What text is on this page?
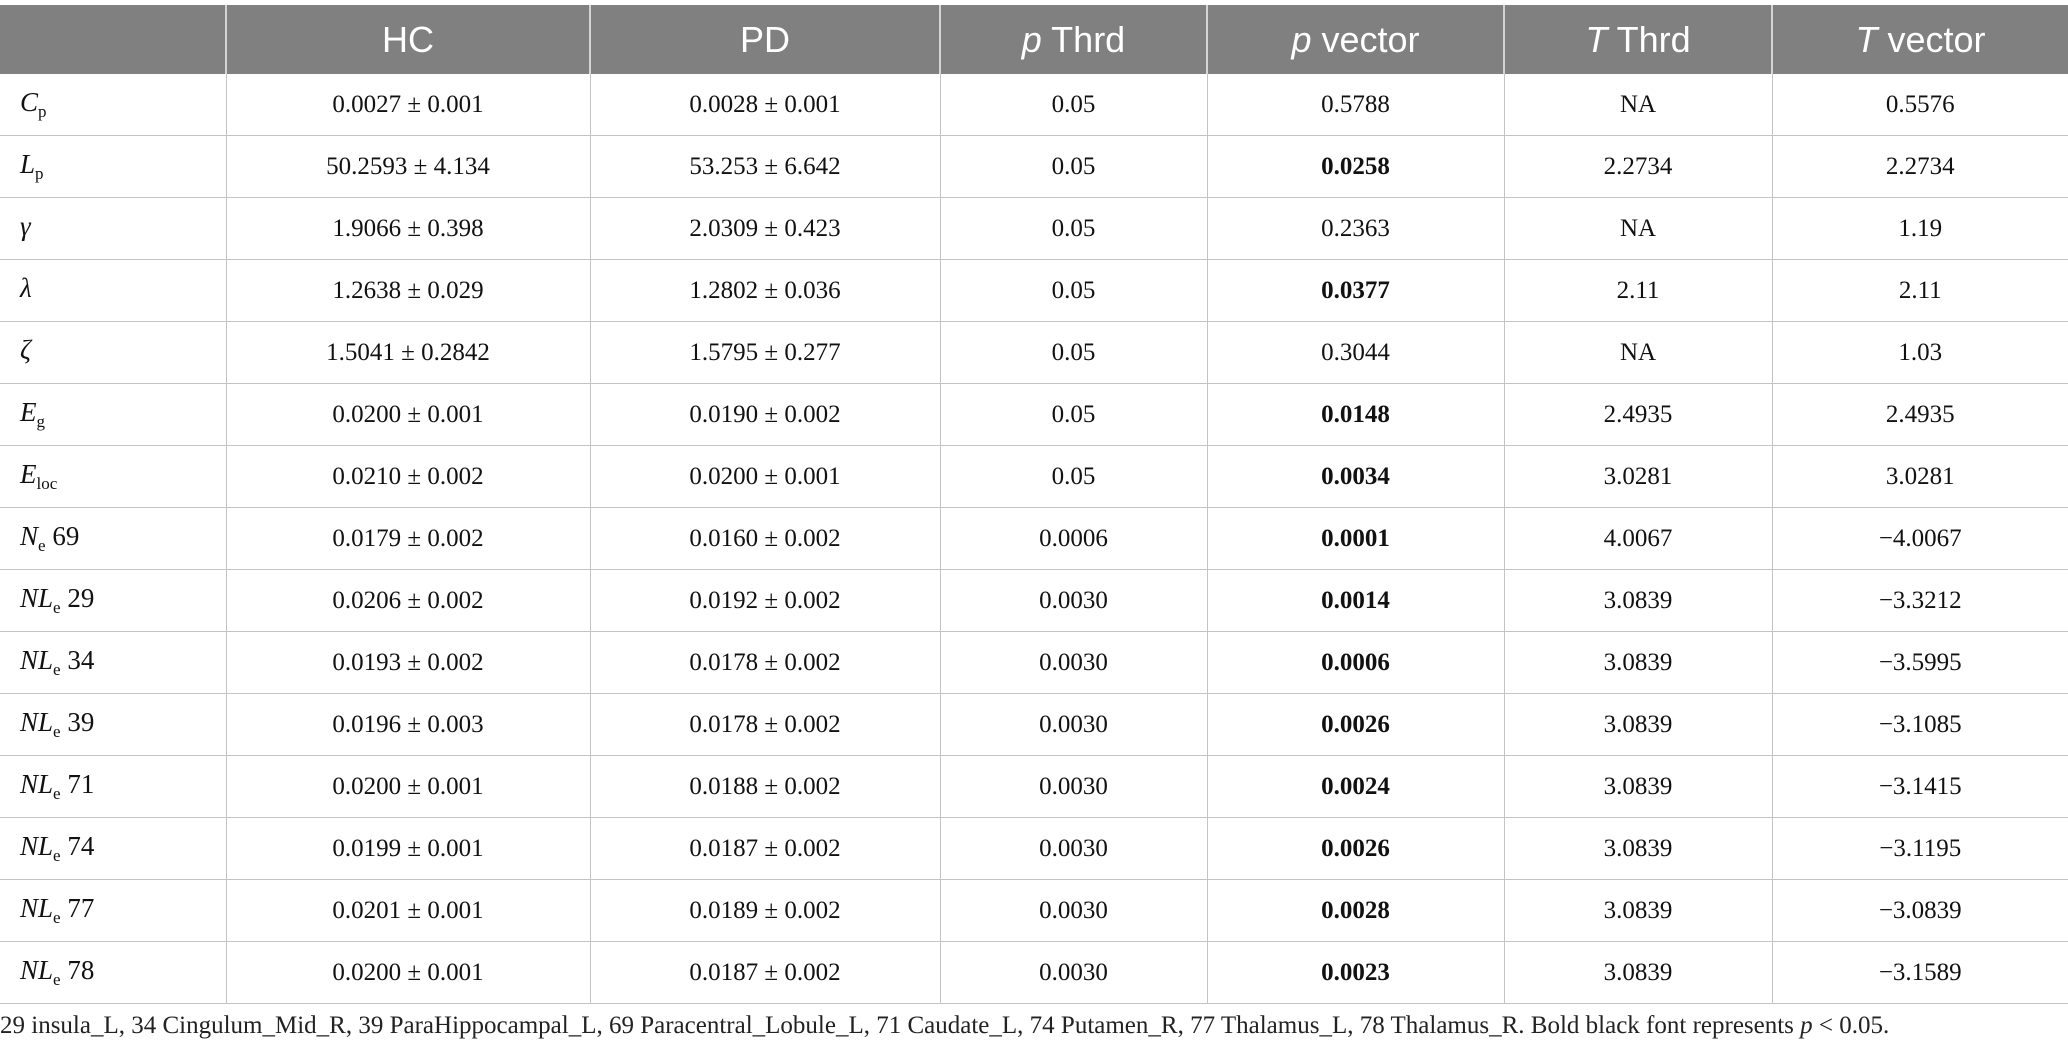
	HC	PD	p Thrd	p vector	T Thrd	T vector
$C_p$	0.0027 ± 0.001	0.0028 ± 0.001	0.05	0.5788	NA	0.5576
$L_p$	50.2593 ± 4.134	53.253 ± 6.642	0.05	0.0258	2.2734	2.2734
γ	1.9066 ± 0.398	2.0309 ± 0.423	0.05	0.2363	NA	1.19
λ	1.2638 ± 0.029	1.2802 ± 0.036	0.05	0.0377	2.11	2.11
ζ	1.5041 ± 0.2842	1.5795 ± 0.277	0.05	0.3044	NA	1.03
$E_g$	0.0200 ± 0.001	0.0190 ± 0.002	0.05	0.0148	2.4935	2.4935
$E_{loc}$	0.0210 ± 0.002	0.0200 ± 0.001	0.05	0.0034	3.0281	3.0281
$N_e$ 69	0.0179 ± 0.002	0.0160 ± 0.002	0.0006	0.0001	4.0067	−4.0067
$NL_e$ 29	0.0206 ± 0.002	0.0192 ± 0.002	0.0030	0.0014	3.0839	−3.3212
$NL_e$ 34	0.0193 ± 0.002	0.0178 ± 0.002	0.0030	0.0006	3.0839	−3.5995
$NL_e$ 39	0.0196 ± 0.003	0.0178 ± 0.002	0.0030	0.0026	3.0839	−3.1085
$NL_e$ 71	0.0200 ± 0.001	0.0188 ± 0.002	0.0030	0.0024	3.0839	−3.1415
$NL_e$ 74	0.0199 ± 0.001	0.0187 ± 0.002	0.0030	0.0026	3.0839	−3.1195
$NL_e$ 77	0.0201 ± 0.001	0.0189 ± 0.002	0.0030	0.0028	3.0839	−3.0839
$NL_e$ 78	0.0200 ± 0.001	0.0187 ± 0.002	0.0030	0.0023	3.0839	−3.1589
29 insula_L, 34 Cingulum_Mid_R, 39 ParaHippocampal_L, 69 Paracentral_Lobule_L, 71 Caudate_L, 74 Putamen_R, 77 Thalamus_L, 78 Thalamus_R. Bold black font represents p < 0.05.
